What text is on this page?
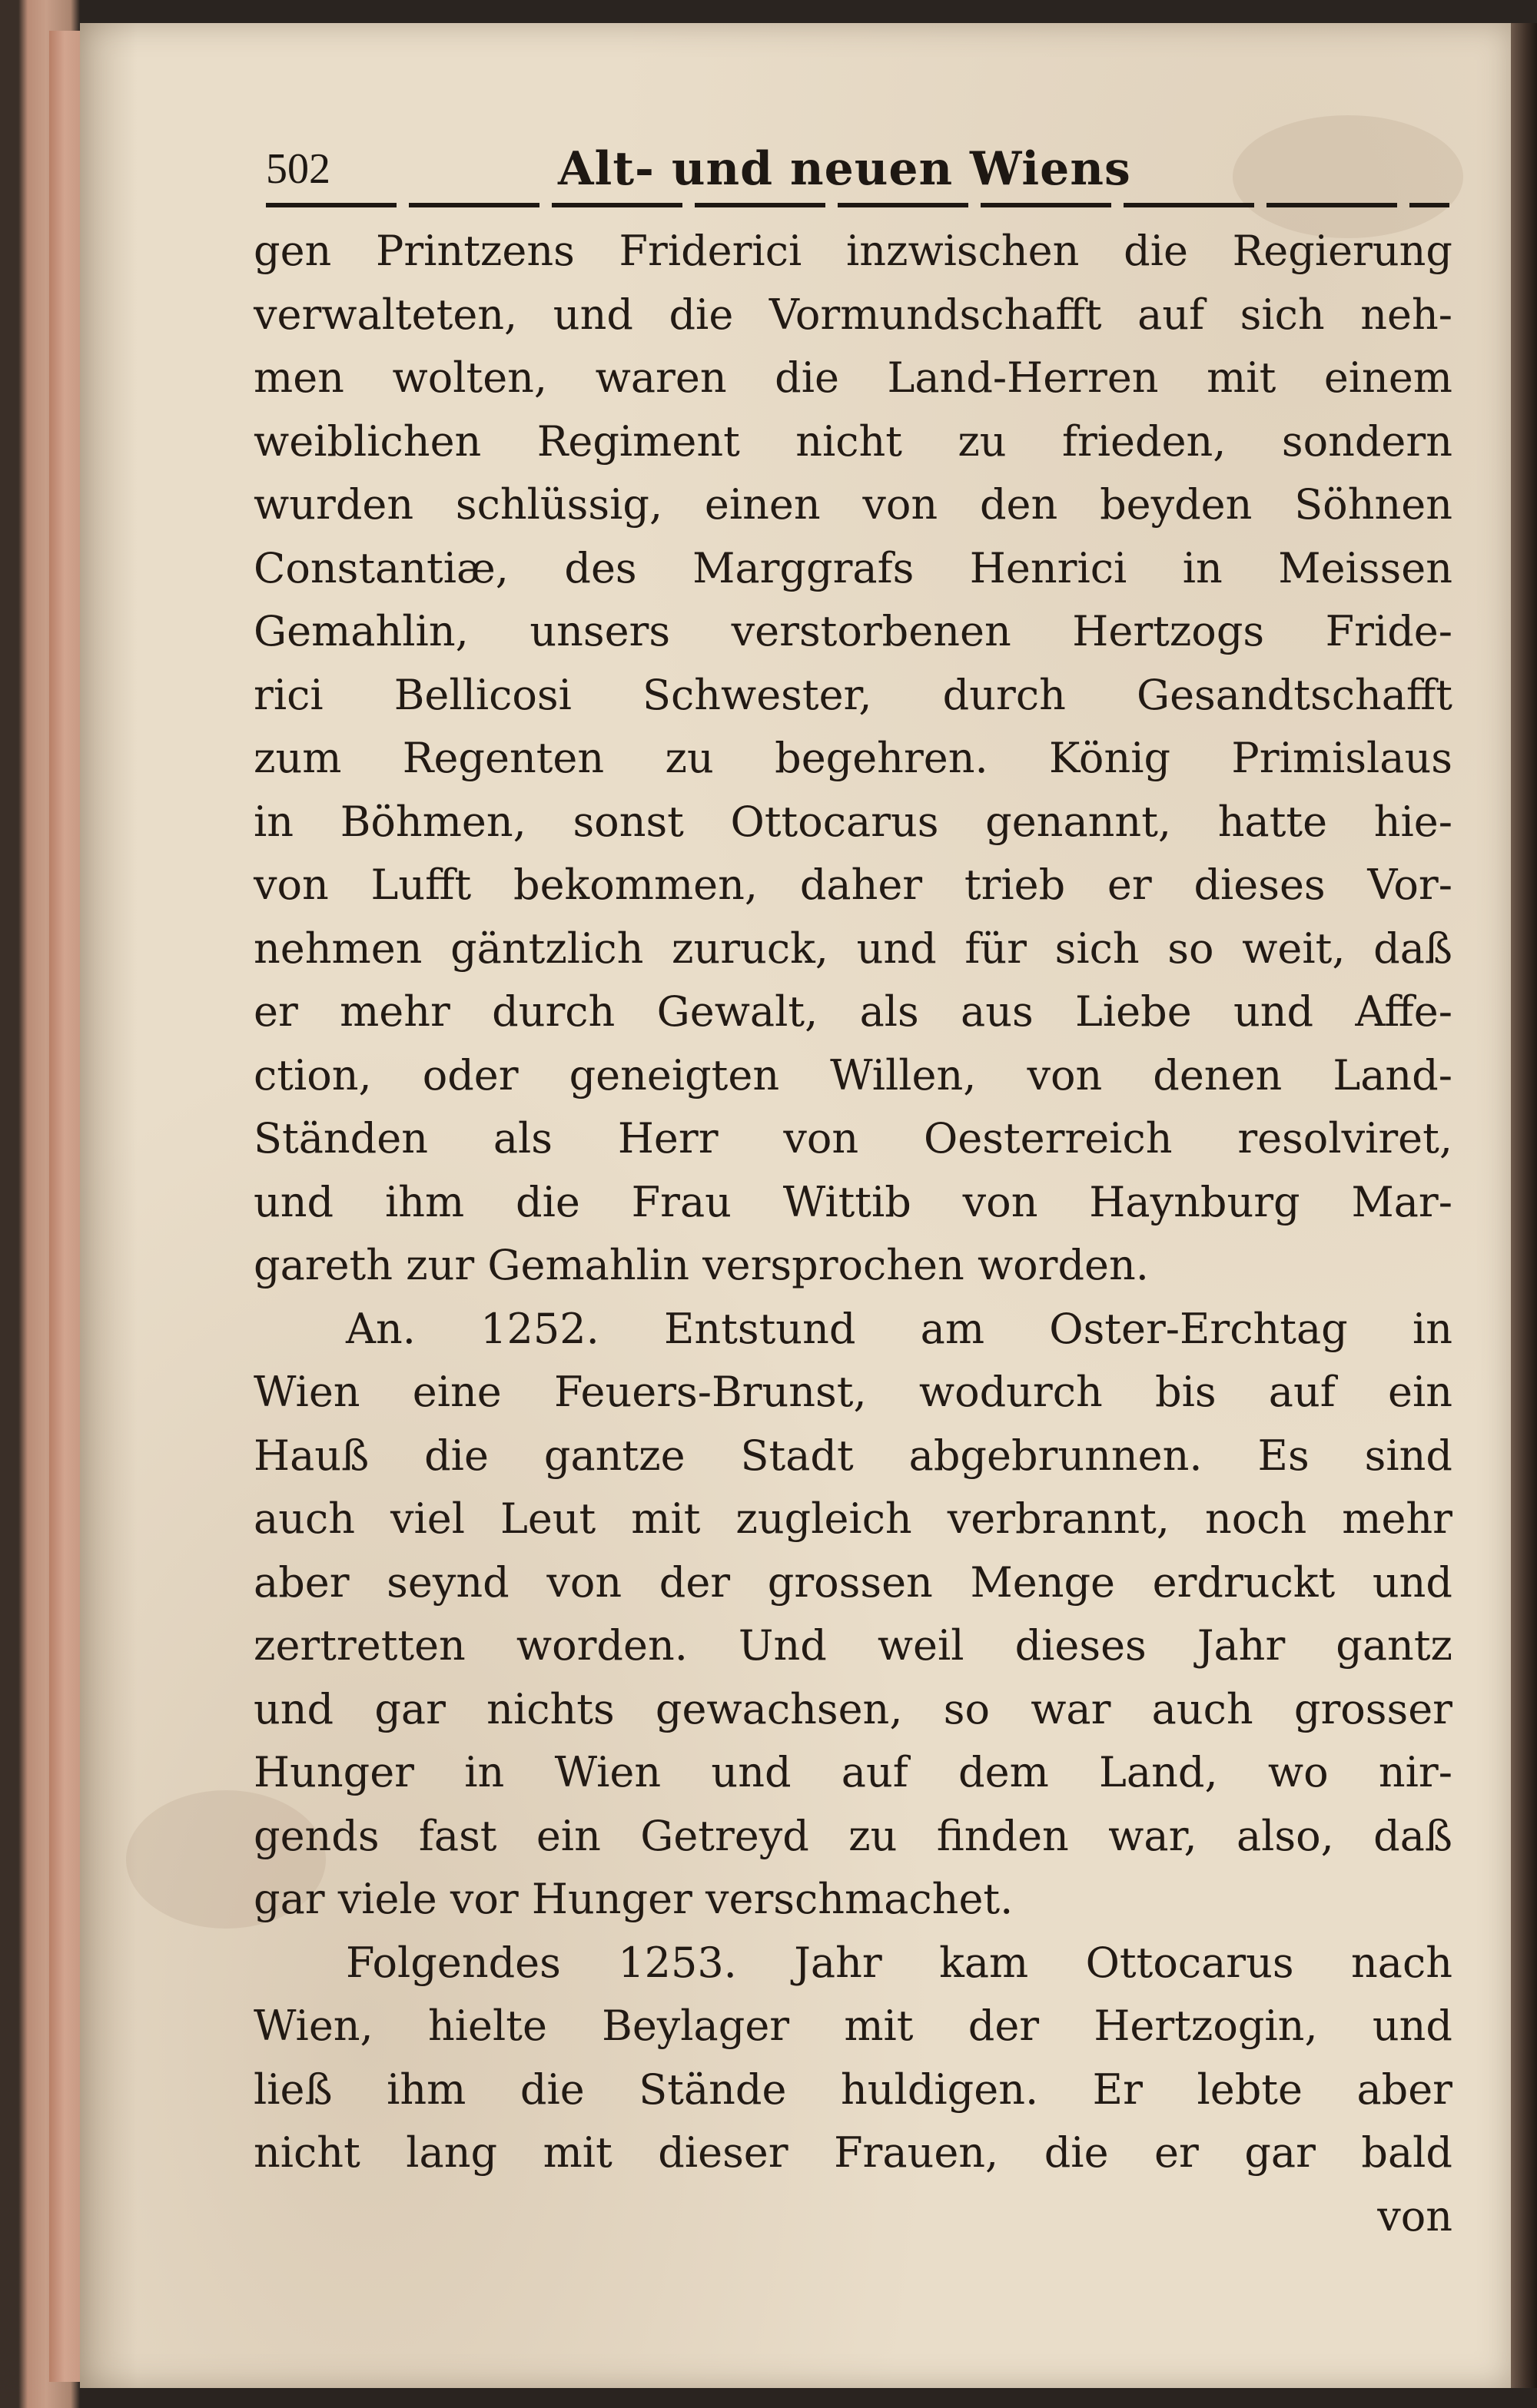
502	Alt- und neuen Wiens
gen Printzens Friderici inzwischen die Regierung
verwalteten, und die Vormundschafft auf sich neh-
men wolten, waren die Land-Herren mit einem
weiblichen Regiment nicht zu frieden, sondern
wurden schlüssig, einen von den beyden Söhnen
Constantiæ, des Marggrafs Henrici in Meissen
Gemahlin, unsers verstorbenen Hertzogs Fride-
rici Bellicosi Schwester, durch Gesandtschafft
zum Regenten zu begehren. König Primislaus
in Böhmen, sonst Ottocarus genannt, hatte hie-
von Lufft bekommen, daher trieb er dieses Vor-
nehmen gäntzlich zuruck, und für sich so weit, daß
er mehr durch Gewalt, als aus Liebe und Affe-
ction, oder geneigten Willen, von denen Land-
Ständen als Herr von Oesterreich resolviret,
und ihm die Frau Wittib von Haynburg Mar-
gareth zur Gemahlin versprochen worden.
An. 1252. Entstund am Oster-Erchtag in
Wien eine Feuers-Brunst, wodurch bis auf ein
Hauß die gantze Stadt abgebrunnen. Es sind
auch viel Leut mit zugleich verbrannt, noch mehr
aber seynd von der grossen Menge erdruckt und
zertretten worden. Und weil dieses Jahr gantz
und gar nichts gewachsen, so war auch grosser
Hunger in Wien und auf dem Land, wo nir-
gends fast ein Getreyd zu finden war, also, daß
gar viele vor Hunger verschmachet.
Folgendes 1253. Jahr kam Ottocarus nach
Wien, hielte Beylager mit der Hertzogin, und
ließ ihm die Stände huldigen. Er lebte aber
nicht lang mit dieser Frauen, die er gar bald
von
